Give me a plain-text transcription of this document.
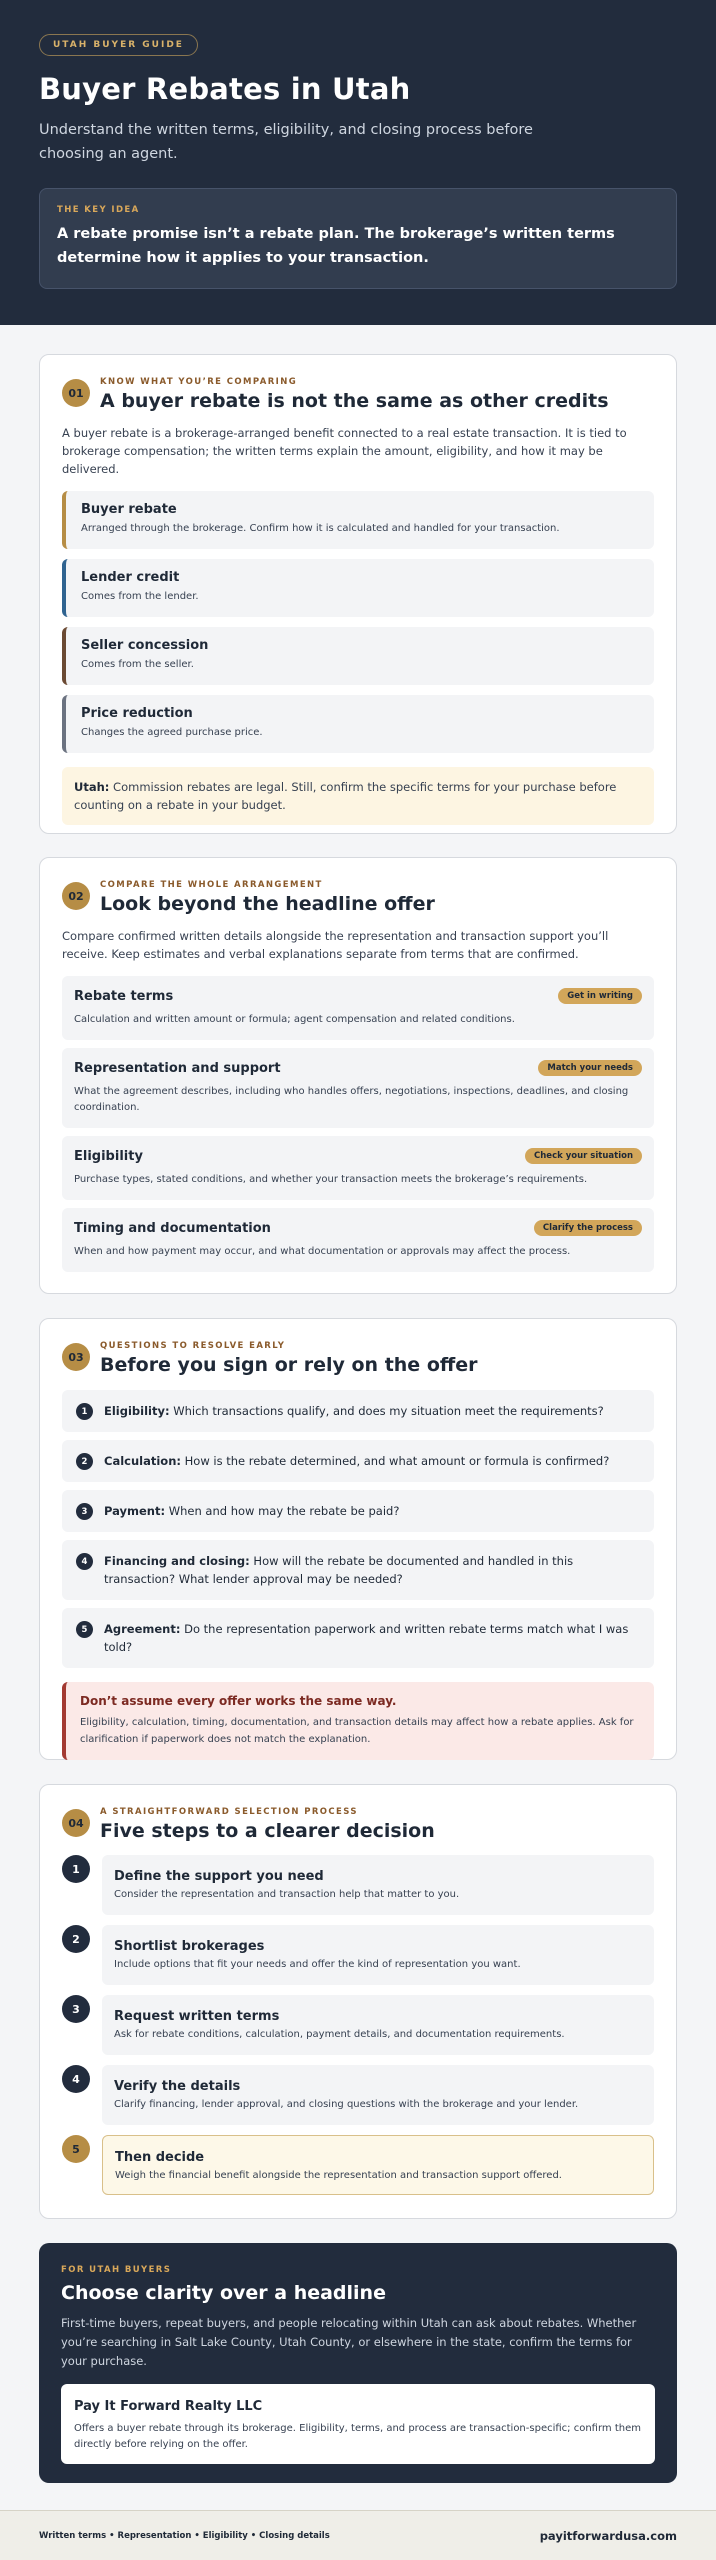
UTAH BUYER GUIDE
Buyer Rebates in Utah

Understand the written terms, eligibility, and closing process before choosing an agent.

THE KEY IDEA
A rebate promise isn’t a rebate plan. The brokerage’s written terms determine how it applies to your transaction.
01
KNOW WHAT YOU’RE COMPARING
A buyer rebate is not the same as other credits

A buyer rebate is a brokerage-arranged benefit connected to a real estate transaction. It is tied to brokerage compensation; the written terms explain the amount, eligibility, and how it may be delivered.

Buyer rebate
Arranged through the brokerage. Confirm how it is calculated and handled for your transaction.
Lender credit
Comes from the lender.
Seller concession
Comes from the seller.
Price reduction
Changes the agreed purchase price.
Utah: Commission rebates are legal. Still, confirm the specific terms for your purchase before counting on a rebate in your budget.
02
COMPARE THE WHOLE ARRANGEMENT
Look beyond the headline offer

Compare confirmed written details alongside the representation and transaction support you’ll receive. Keep estimates and verbal explanations separate from terms that are confirmed.

Rebate terms	Get in writing
Calculation and written amount or formula; agent compensation and related conditions.
Representation and support	Match your needs
What the agreement describes, including who handles offers, negotiations, inspections, deadlines, and closing coordination.
Eligibility	Check your situation
Purchase types, stated conditions, and whether your transaction meets the brokerage’s requirements.
Timing and documentation	Clarify the process
When and how payment may occur, and what documentation or approvals may affect the process.
03
QUESTIONS TO RESOLVE EARLY
Before you sign or rely on the offer
1	Eligibility: Which transactions qualify, and does my situation meet the requirements?
2	Calculation: How is the rebate determined, and what amount or formula is confirmed?
3	Payment: When and how may the rebate be paid?
4	Financing and closing: How will the rebate be documented and handled in this transaction? What lender approval may be needed?
5	Agreement: Do the representation paperwork and written rebate terms match what I was told?
Don’t assume every offer works the same way.
Eligibility, calculation, timing, documentation, and transaction details may affect how a rebate applies. Ask for clarification if paperwork does not match the explanation.
04
A STRAIGHTFORWARD SELECTION PROCESS
Five steps to a clearer decision
1	Define the support you need
Consider the representation and transaction help that matter to you.
2	Shortlist brokerages
Include options that fit your needs and offer the kind of representation you want.
3	Request written terms
Ask for rebate conditions, calculation, payment details, and documentation requirements.
4	Verify the details
Clarify financing, lender approval, and closing questions with the brokerage and your lender.
5
Then decide
Weigh the financial benefit alongside the representation and transaction support offered.
FOR UTAH BUYERS
Choose clarity over a headline
First-time buyers, repeat buyers, and people relocating within Utah can ask about rebates. Whether you’re searching in Salt Lake County, Utah County, or elsewhere in the state, confirm the terms for your purchase.
Pay It Forward Realty LLC
Offers a buyer rebate through its brokerage. Eligibility, terms, and process are transaction-specific; confirm them directly before relying on the offer.
Written terms • Representation • Eligibility • Closing details	payitforwardusa.com
